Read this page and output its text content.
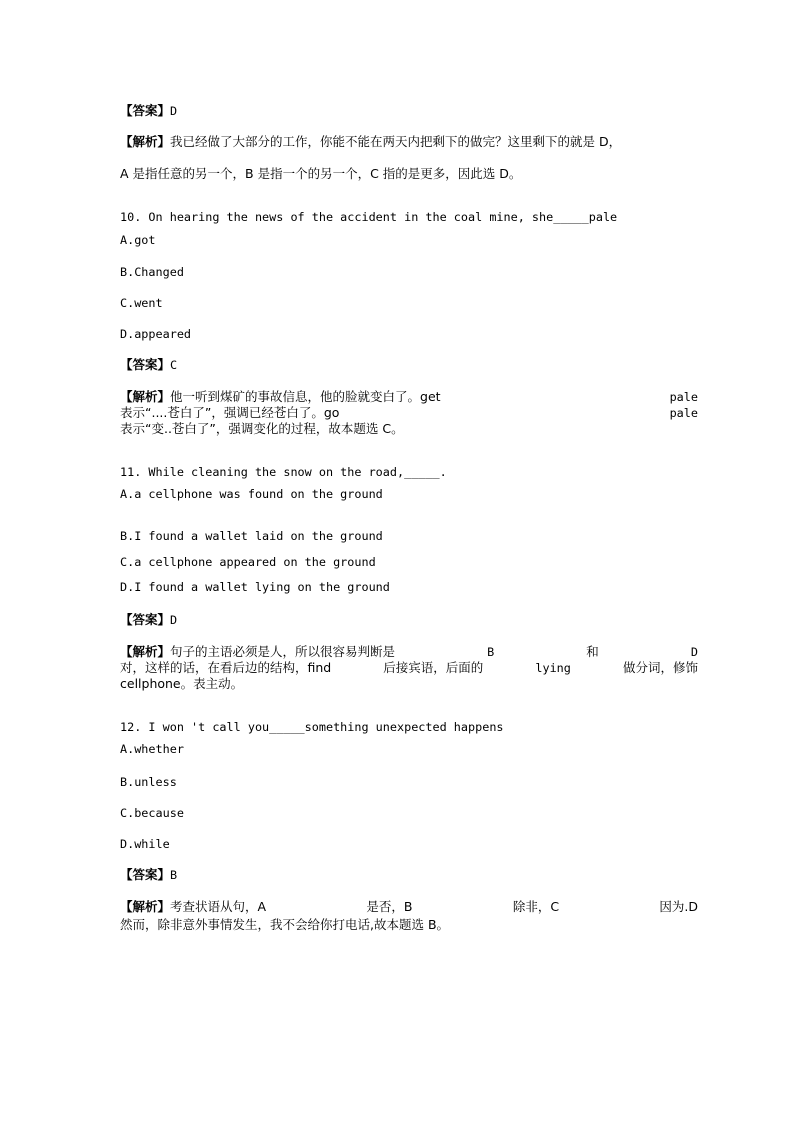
【答案】D
【解析】我已经做了大部分的工作，你能不能在两天内把剩下的做完？这里剩下的就是 D，
A 是指任意的另一个，B 是指一个的另一个，C 指的是更多，因此选 D。
10. On hearing the news of the accident in the coal mine, she_____pale
A.got
B.Changed
C.went
D.appeared
【答案】C
【解析】他一听到煤矿的事故信息，他的脸就变白了。get	pale
表示“....苍白了”，强调已经苍白了。go	pale
表示“变..苍白了”，强调变化的过程，故本题选 C。
11. While cleaning the snow on the road,_____.
A.a cellphone was found on the ground
B.I found a wallet laid on the ground
C.a cellphone appeared on the ground
D.I found a wallet lying on the ground
【答案】D
【解析】句子的主语必须是人，所以很容易判断是	B	和	D
对，这样的话，在看后边的结构，find	后接宾语，后面的	lying	做分词，修饰
cellphone。表主动。
12. I won 't call you_____something unexpected happens
A.whether
B.unless
C.because
D.while
【答案】B
【解析】考查状语从句，A	是否，B	除非，C	因为.D
然而，除非意外事情发生，我不会给你打电话,故本题选 B。
